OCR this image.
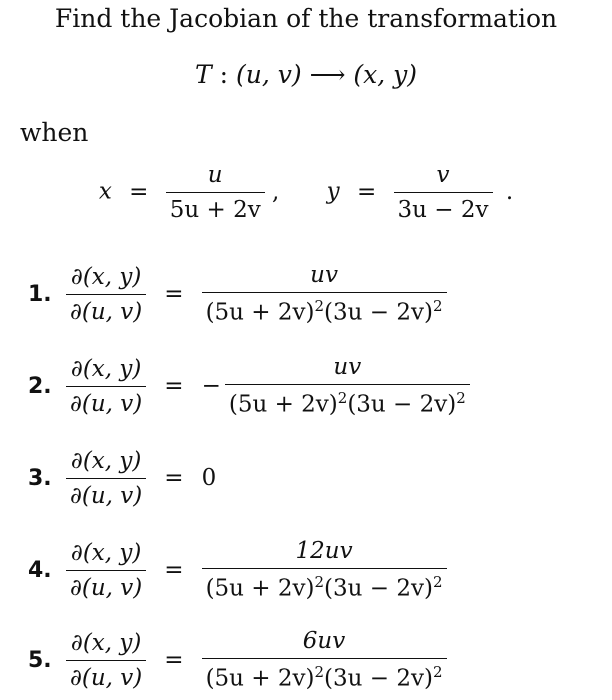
Find the Jacobian of the transformation
T : (u, v) ⟶ (x, y)
when
$x = \frac{u}{5u + 2v}$ , $y = \frac{v}{3u - 2v}$ .
1. $\frac{\partial(x, y)}{\partial(u, v)} = \frac{uv}{(5u + 2v)^2(3u - 2v)^2}$
2. $\frac{\partial(x, y)}{\partial(u, v)}$ = − $\frac{uv}{(5u + 2v)^2(3u - 2v)^2}$
3. $\frac{\partial(x, y)}{\partial(u, v)} = 0$
4. $\frac{\partial(x, y)}{\partial(u, v)} = \frac{12uv}{(5u + 2v)^2(3u - 2v)^2}$
5. $\frac{\partial(x, y)}{\partial(u, v)} = \frac{6uv}{(5u + 2v)^2(3u - 2v)^2}$
